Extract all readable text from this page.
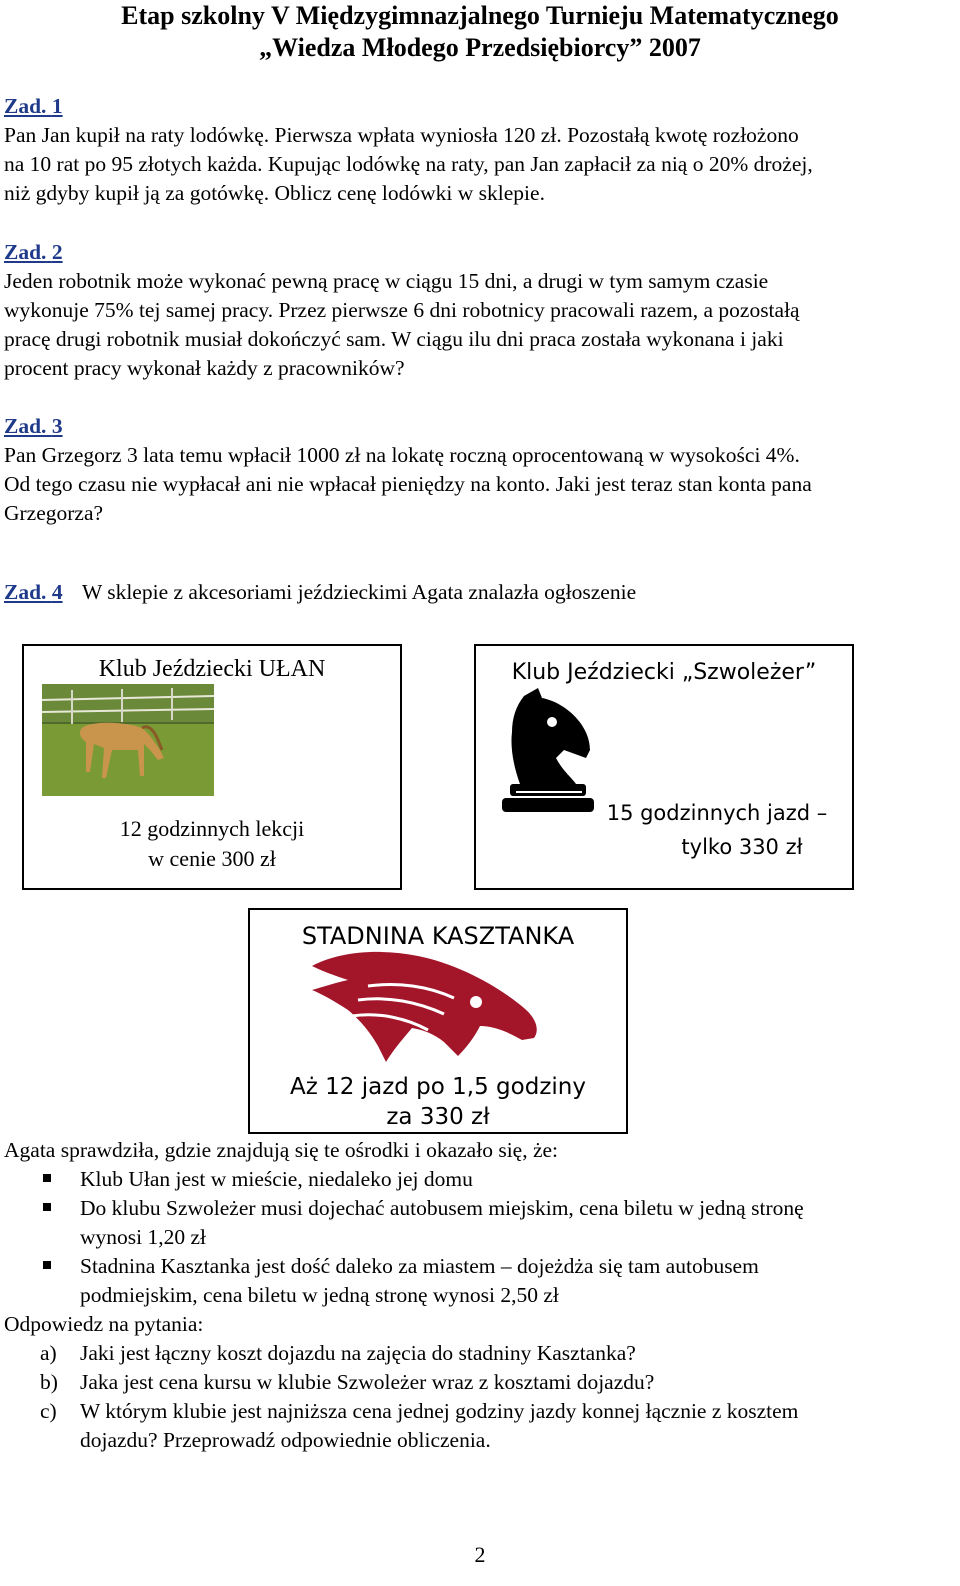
Etap szkolny V Międzygimnazjalnego Turnieju Matematycznego
„Wiedza Młodego Przedsiębiorcy” 2007
Zad. 1
Pan Jan kupił na raty lodówkę. Pierwsza wpłata wyniosła 120 zł. Pozostałą kwotę rozłożono
na 10 rat po 95 złotych każda. Kupując lodówkę na raty, pan Jan zapłacił za nią o 20% drożej,
niż gdyby kupił ją za gotówkę. Oblicz cenę lodówki w sklepie.
Zad. 2
Jeden robotnik może wykonać pewną pracę w ciągu 15 dni, a drugi w tym samym czasie
wykonuje 75% tej samej pracy. Przez pierwsze 6 dni robotnicy pracowali razem, a pozostałą
pracę drugi robotnik musiał dokończyć sam. W ciągu ilu dni praca została wykonana i jaki
procent pracy wykonał każdy z pracowników?
Zad. 3
Pan Grzegorz 3 lata temu wpłacił 1000 zł na lokatę roczną oprocentowaną w wysokości 4%.
Od tego czasu nie wypłacał ani nie wpłacał pieniędzy na konto. Jaki jest teraz stan konta pana
Grzegorza?
Zad. 4 W sklepie z akcesoriami jeździeckimi Agata znalazła ogłoszenie
Klub Jeździecki UŁAN
12 godzinnych lekcji
w cenie 300 zł
Klub Jeździecki „Szwoleżer”
15 godzinnych jazd –
tylko 330 zł
STADNINA KASZTANKA
Aż 12 jazd po 1,5 godziny
za 330 zł
Agata sprawdziła, gdzie znajdują się te ośrodki i okazało się, że:
Klub Ułan jest w mieście, niedaleko jej domu
Do klubu Szwoleżer musi dojechać autobusem miejskim, cena biletu w jedną stronę
wynosi 1,20 zł
Stadnina Kasztanka jest dość daleko za miastem – dojeżdża się tam autobusem
podmiejskim, cena biletu w jedną stronę wynosi 2,50 zł
Odpowiedz na pytania:
a) Jaki jest łączny koszt dojazdu na zajęcia do stadniny Kasztanka?
b) Jaka jest cena kursu w klubie Szwoleżer wraz z kosztami dojazdu?
c) W którym klubie jest najniższa cena jednej godziny jazdy konnej łącznie z kosztem
dojazdu? Przeprowadź odpowiednie obliczenia.
2
